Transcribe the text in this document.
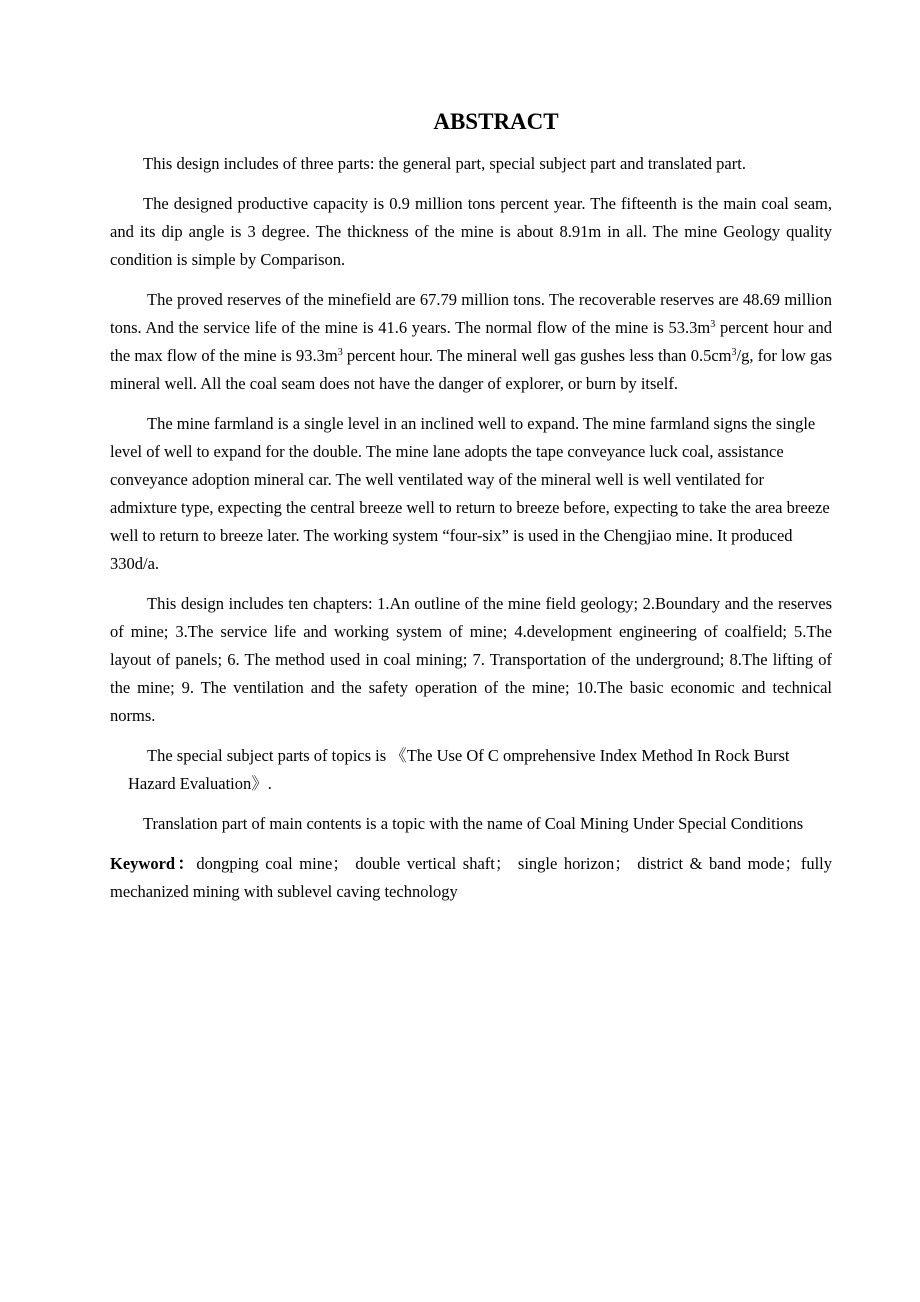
ABSTRACT

This design includes of three parts: the general part, special subject part and translated part.

The designed productive capacity is 0.9 million tons percent year. The fifteenth is the main coal seam, and its dip angle is 3 degree. The thickness of the mine is about 8.91m in all. The mine Geology quality condition is simple by Comparison.

The proved reserves of the minefield are 67.79 million tons. The recoverable reserves are 48.69 million tons. And the service life of the mine is 41.6 years. The normal flow of the mine is $53.3m^3$ percent hour and the max flow of the mine is $93.3m^3$ percent hour. The mineral well gas gushes less than $0.5cm^3/g$, for low gas mineral well. All the coal seam does not have the danger of explorer, or burn by itself.

The mine farmland is a single level in an inclined well to expand. The mine farmland signs the single level of well to expand for the double. The mine lane adopts the tape conveyance luck coal, assistance conveyance adoption mineral car. The well ventilated way of the mineral well is well ventilated for admixture type, expecting the central breeze well to return to breeze before, expecting to take the area breeze well to return to breeze later. The working system “four-six” is used in the Chengjiao mine. It produced 330d/a.

This design includes ten chapters: 1.An outline of the mine field geology; 2.Boundary and the reserves of mine; 3.The service life and working system of mine; 4.development engineering of coalfield; 5.The layout of panels; 6. The method used in coal mining; 7. Transportation of the underground; 8.The lifting of the mine; 9. The ventilation and the safety operation of the mine; 10.The basic economic and technical norms.

The special subject parts of topics is 《The Use Of C omprehensive Index Method In Rock Burst Hazard Evaluation》.

Translation part of main contents is a topic with the name of Coal Mining Under Special Conditions

Keyword：dongping coal mine； double vertical shaft； single horizon； district & band mode；fully mechanized mining with sublevel caving technology
